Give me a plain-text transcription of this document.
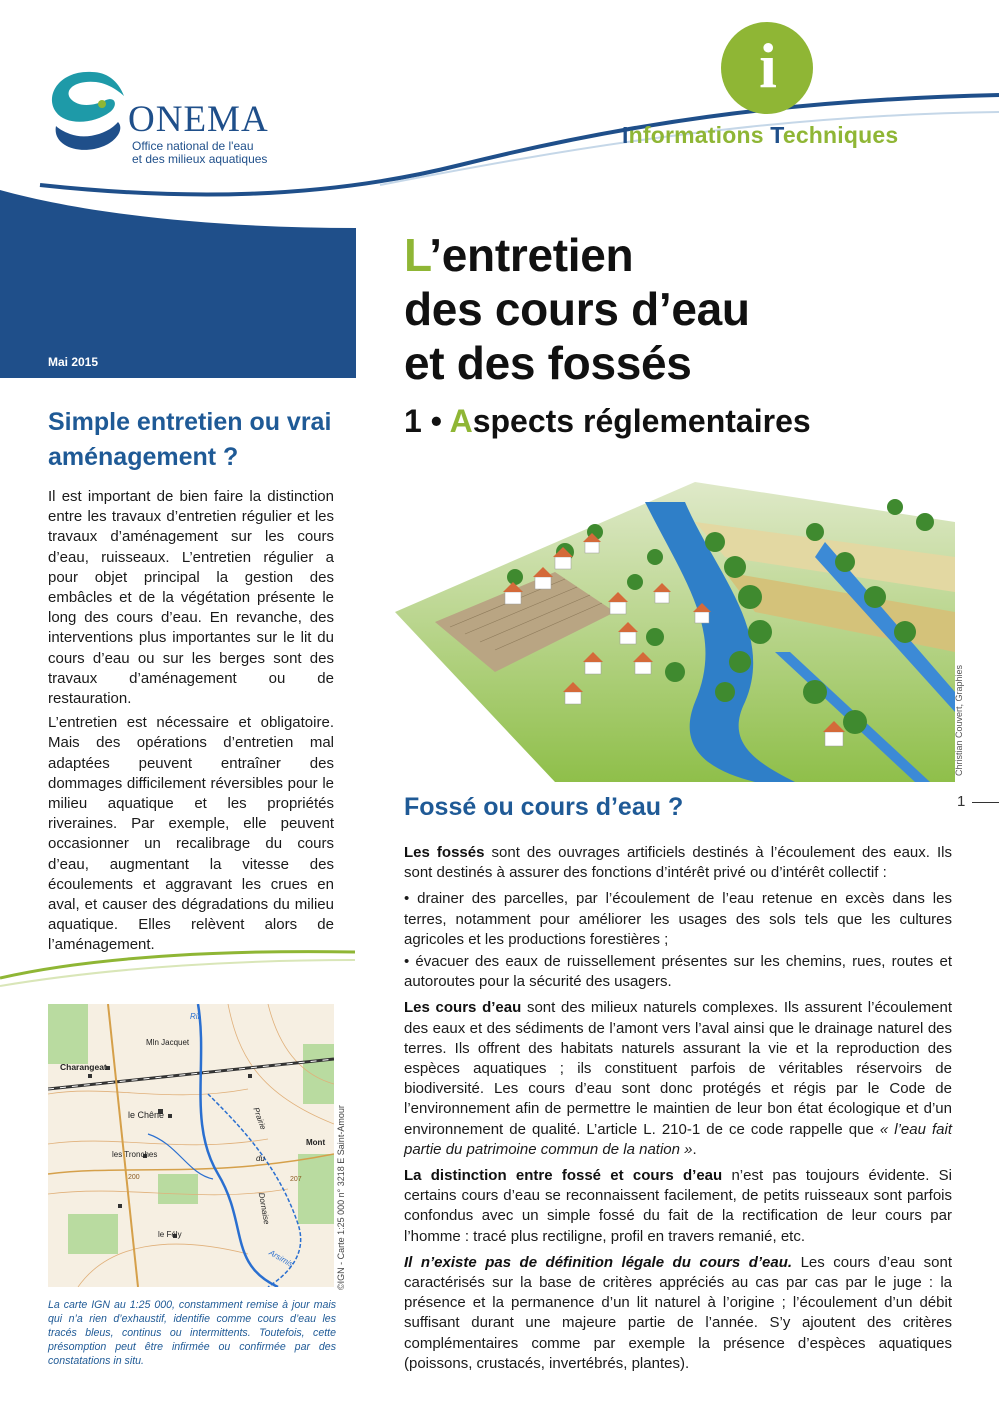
i
ONEMA
Office national de l'eau
et des milieux aquatiques
Informations Techniques
Mai 2015
L’entretien
des cours d’eau
et des fossés
1 • Aspects réglementaires
Simple entretien ou vrai aménagement ?

Il est important de bien faire la distinction entre les travaux d’entretien régulier et les travaux d’aménagement sur les cours d’eau, ruisseaux. L’entretien régulier a pour objet principal la gestion des embâcles et de la végétation présente le long des cours d’eau. En revanche, des interventions plus importantes sur le lit du cours d’eau ou sur les berges sont des travaux d’aménagement ou de restauration.

L’entretien est nécessaire et obligatoire. Mais des opérations d’entretien mal adaptées peuvent entraîner des dommages difficilement réversibles pour le milieu aquatique et les propriétés riveraines. Par exemple, elle peuvent occasionner un recalibrage du cours d’eau, augmentant la vitesse des écoulements et aggravant les crues en aval, et causer des dégradations du milieu aquatique. Elles relèvent alors de l’aménagement.

Charangeat
Mln Jacquet
le Chêne
les Tronches
le Fély
Mont
207
200
Prairie
du
Dornaise
Arsimis
Rif
©IGN - Carte 1:25 000 n° 3218 E Saint-Amour
La carte IGN au 1:25 000, constamment remise à jour mais qui n’a rien d’exhaustif, identifie comme cours d’eau les tracés bleus, continus ou intermittents. Toutefois, cette présomption peut être infirmée ou confirmée par des constatations in situ.
Christian Couvert, Graphies
1
Fossé ou cours d’eau ?

Les fossés sont des ouvrages artificiels destinés à l’écoulement des eaux. Ils sont destinés à assurer des fonctions d’intérêt privé ou d’intérêt collectif :

• drainer des parcelles, par l’écoulement de l’eau retenue en excès dans les terres, notamment pour améliorer les usages des sols tels que les cultures agricoles et les productions forestières ;

• évacuer des eaux de ruissellement présentes sur les chemins, rues, routes et autoroutes pour la sécurité des usagers.

Les cours d’eau sont des milieux naturels complexes. Ils assurent l’écoulement des eaux et des sédiments de l’amont vers l’aval ainsi que le drainage naturel des terres. Ils offrent des habitats naturels assurant la vie et la reproduction des espèces aquatiques ; ils constituent parfois de véritables réservoirs de biodiversité. Les cours d’eau sont donc protégés et régis par le Code de l’environnement afin de permettre le maintien de leur bon état écologique et d’un environnement de qualité. L’article L. 210-1 de ce code rappelle que « l’eau fait partie du patrimoine commun de la nation ».

La distinction entre fossé et cours d’eau n’est pas toujours évidente. Si certains cours d’eau se reconnaissent facilement, de petits ruisseaux sont parfois confondus avec un simple fossé du fait de la rectification de leur cours par l’homme : tracé plus rectiligne, profil en travers remanié, etc.

Il n’existe pas de définition légale du cours d’eau. Les cours d’eau sont caractérisés sur la base de critères appréciés au cas par cas par le juge : la présence et la permanence d’un lit naturel à l’origine ; l’écoulement d’un débit suffisant durant une majeure partie de l’année. S’y ajoutent des critères complémentaires comme par exemple la présence d’espèces aquatiques (poissons, crustacés, invertébrés, plantes).
